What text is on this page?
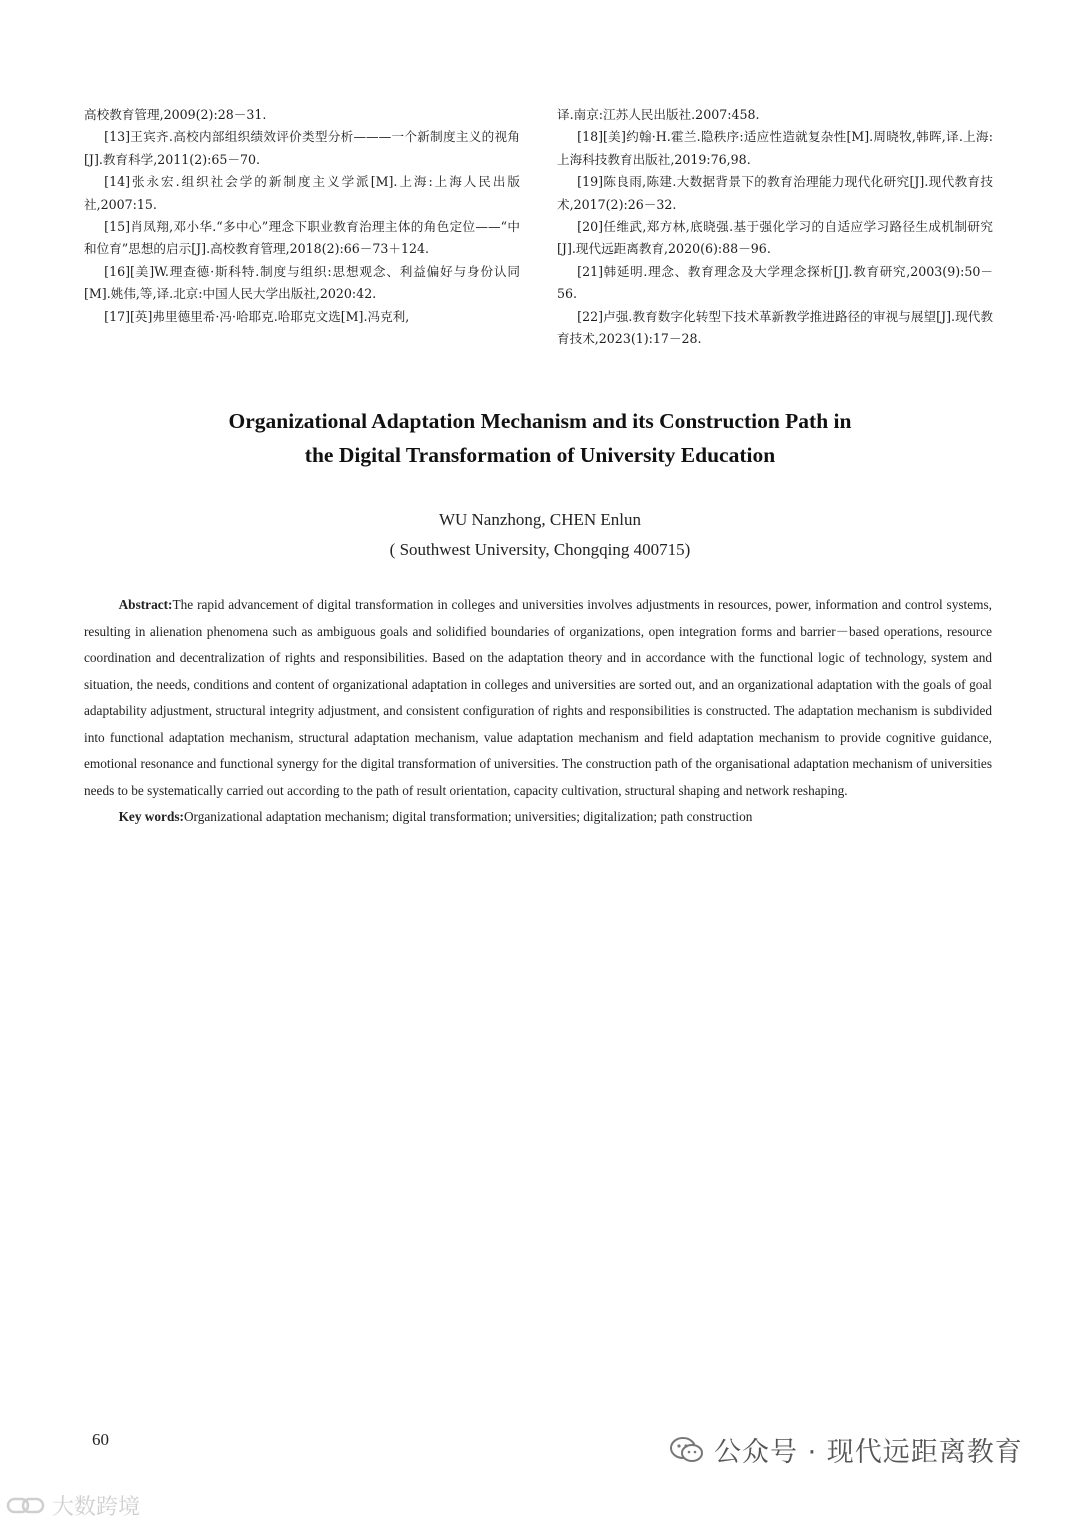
高校教育管理,2009(2):28－31.

[13]王宾齐.高校内部组织绩效评价类型分析———一个新制度主义的视角[J].教育科学,2011(2):65－70.

[14]张永宏.组织社会学的新制度主义学派[M].上海:上海人民出版社,2007:15.

[15]肖凤翔,邓小华.“多中心”理念下职业教育治理主体的角色定位——“中和位育”思想的启示[J].高校教育管理,2018(2):66－73＋124.

[16][美]W.理查德·斯科特.制度与组织:思想观念、利益偏好与身份认同[M].姚伟,等,译.北京:中国人民大学出版社,2020:42.

[17][英]弗里德里希·冯·哈耶克.哈耶克文选[M].冯克利,

译.南京:江苏人民出版社.2007:458.

[18][美]约翰·H.霍兰.隐秩序:适应性造就复杂性[M].周晓牧,韩晖,译.上海:上海科技教育出版社,2019:76,98.

[19]陈良雨,陈建.大数据背景下的教育治理能力现代化研究[J].现代教育技术,2017(2):26－32.

[20]任维武,郑方林,底晓强.基于强化学习的自适应学习路径生成机制研究[J].现代远距离教育,2020(6):88－96.

[21]韩延明.理念、教育理念及大学理念探析[J].教育研究,2003(9):50－56.

[22]卢强.教育数字化转型下技术革新教学推进路径的审视与展望[J].现代教育技术,2023(1):17－28.

Organizational Adaptation Mechanism and its Construction Path in
the Digital Transformation of University Education
WU Nanzhong, CHEN Enlun
( Southwest University, Chongqing 400715)

Abstract:The rapid advancement of digital transformation in colleges and universities involves adjustments in resources, power, information and control systems, resulting in alienation phenomena such as ambiguous goals and solidified boundaries of organizations, open integration forms and barrier－based operations, resource coordination and decentralization of rights and responsibilities. Based on the adaptation theory and in accordance with the functional logic of technology, system and situation, the needs, conditions and content of organizational adaptation in colleges and universities are sorted out, and an organizational adaptation with the goals of goal adaptability adjustment, structural integrity adjustment, and consistent configuration of rights and responsibilities is constructed. The adaptation mechanism is subdivided into functional adaptation mechanism, structural adaptation mechanism, value adaptation mechanism and field adaptation mechanism to provide cognitive guidance, emotional resonance and functional synergy for the digital transformation of universities. The construction path of the organisational adaptation mechanism of universities needs to be systematically carried out according to the path of result orientation, capacity cultivation, structural shaping and network reshaping.

Key words:Organizational adaptation mechanism; digital transformation; universities; digitalization; path construction

60	公众号 · 现代远距离教育
大数跨境
